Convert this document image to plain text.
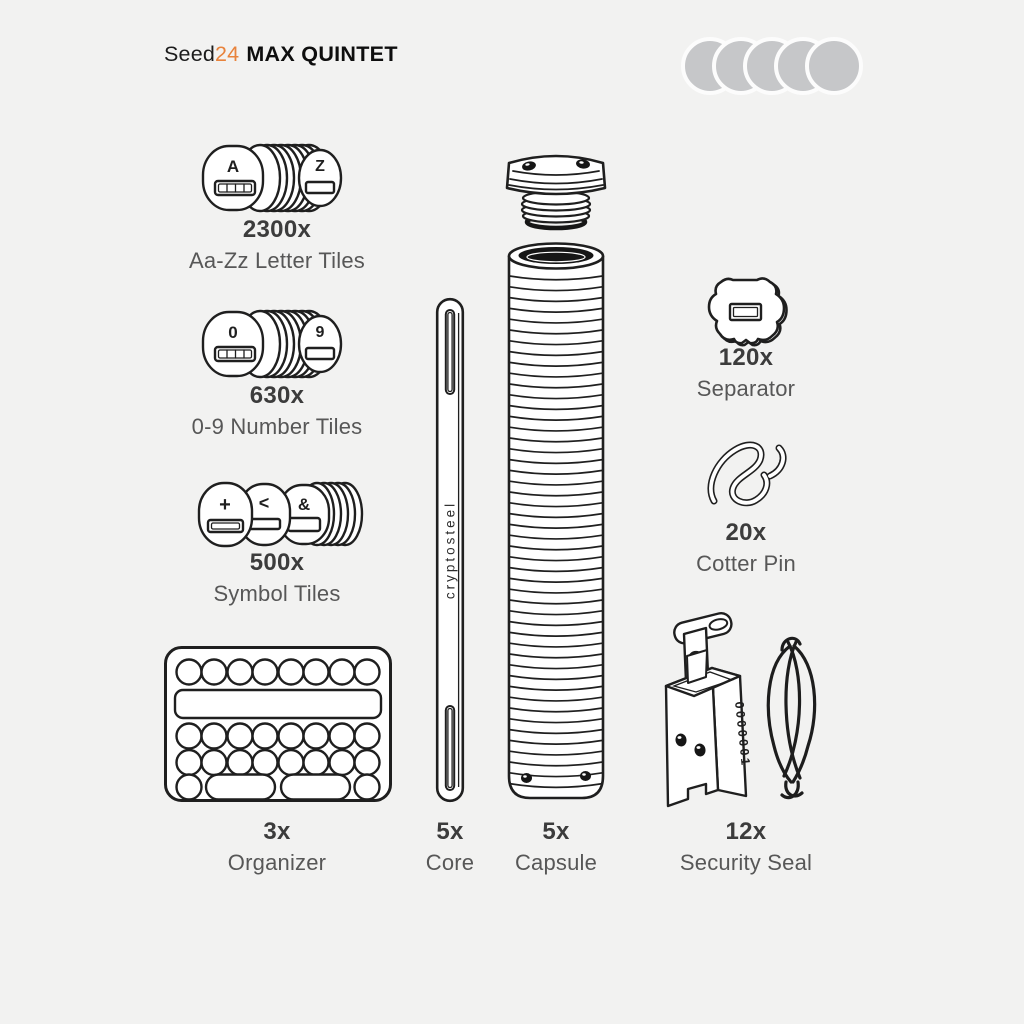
Seed24 MAX QUINTET
A	Z
2300x
Aa-Zz Letter Tiles
0	9
630x
0-9 Number Tiles
+ < &
500x
Symbol Tiles
3x
Organizer
cryptosteel
5x
Core
5x
Capsule
120x
Separator
20x
Cotter Pin
0000001
12x
Security Seal
